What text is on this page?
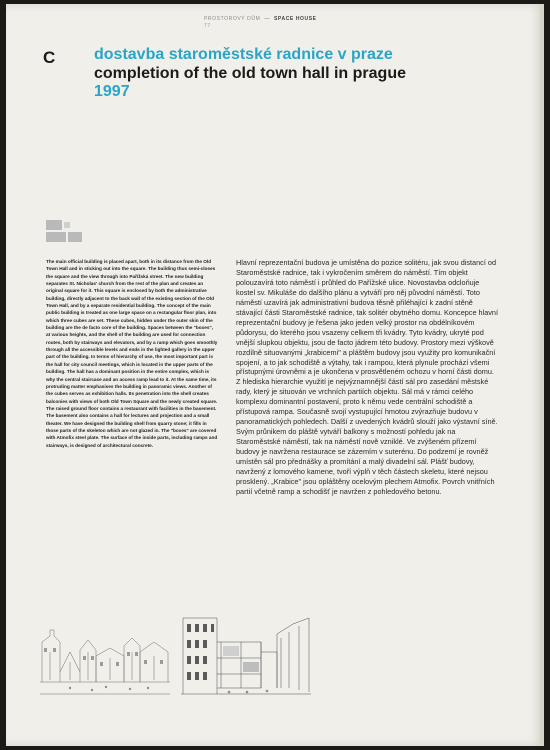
PROSTOROVÝ DŮM — SPACE HOUSE
77
C dostavba staroměstské radnice v praze
completion of the old town hall in prague
1997

The main official building is placed apart, both in its distance from the Old Town Hall and in sticking out into the square. The building thus semi-closes the square and the view through into Pařížská street. The new building separates St. Nicholas' church from the rest of the plan and creates an original square for it. This square is enclosed by both the administrative building, directly adjacent to the back wall of the existing section of the Old Town Hall, and by a separate residential building. The concept of the main public building is treated as one large space on a rectangular floor plan, into which three cubes are set. These cubes, hidden under the outer skin of the building are the de facto core of the building. Spaces between the "boxes", at various heights, and the shell of the building are used for connection routes, both by stairways and elevators, and by a ramp which goes smoothly through all the accessible levels and ends in the lighted gallery in the upper part of the building. In terms of hierarchy of use, the most important part is the hall for city council meetings, which is located in the upper parts of the building. The hall has a dominant position in the entire complex, which is why the central staircase and an access ramp lead to it. At the same time, its protruding matter emphasises the building in panoramic views. Another of the cubes serves as exhibition halls. Its penetration into the shell creates balconies with views of both Old Town Square and the newly created square. The raised ground floor contains a restaurant with facilities in the basement. The basement also contains a hall for lectures and projection and a small theater. We have designed the building shell from quarry stone; it fills in those parts of the skeleton which are not glazed in. The "boxes" are covered with Atmofix steel plate. The surface of the inside parts, including ramps and stairways, is designed of architectural concrete.

Hlavní reprezentační budova je umístěna do pozice solitéru, jak svou distancí od Staroměstské radnice, tak i vykročením směrem do náměstí. Tím objekt polouzavírá toto náměstí i průhled do Pařížské ulice. Novostavba odcloňuje kostel sv. Mikuláše do dalšího plánu a vytváří pro něj původní náměstí. Toto náměstí uzavírá jak administrativní budova těsně přiléhající k zadní stěně stávající části Staroměstské radnice, tak solitér obytného domu. Koncepce hlavní reprezentační budovy je řešena jako jeden velký prostor na obdélníkovém půdorysu, do kterého jsou vsazeny celkem tři kvádry. Tyto kvádry, ukryté pod vnější slupkou objektu, jsou de facto jádrem této budovy. Prostory mezi výškově rozdílně situovanými „krabicemi" a pláštěm budovy jsou využity pro komunikační spojení, a to jak schodiště a výtahy, tak i rampou, která plynule prochází všemi přístupnými úrovněmi a je ukončena v prosvětleném ochozu v horní části domu. Z hlediska hierarchie využití je nejvýznamnější částí sál pro zasedání městské rady, který je situován ve vrchních partiích objektu. Sál má v rámci celého komplexu dominantní postavení, proto k němu vede centrální schodiště a přístupová rampa. Současně svojí vystupující hmotou zvýrazňuje budovu v panoramatických pohledech. Další z uvedených kvádrů slouží jako výstavní síně. Svým průnikem do pláště vytváří balkony s možností pohledu jak na Staroměstské náměstí, tak na náměstí nově vzniklé. Ve zvýšeném přízemí budovy je navržena restaurace se zázemím v suterénu. Do podzemí je rovněž umístěn sál pro přednášky a promítání a malý divadelní sál. Plášť budovy, navržený z lomového kamene, tvoří výplň v těch částech skeletu, které nejsou prosklený. „Krabice" jsou opláštěny ocelovým plechem Atmofix. Povrch vnitřních partií včetně ramp a schodišť je navržen z pohledového betonu.
